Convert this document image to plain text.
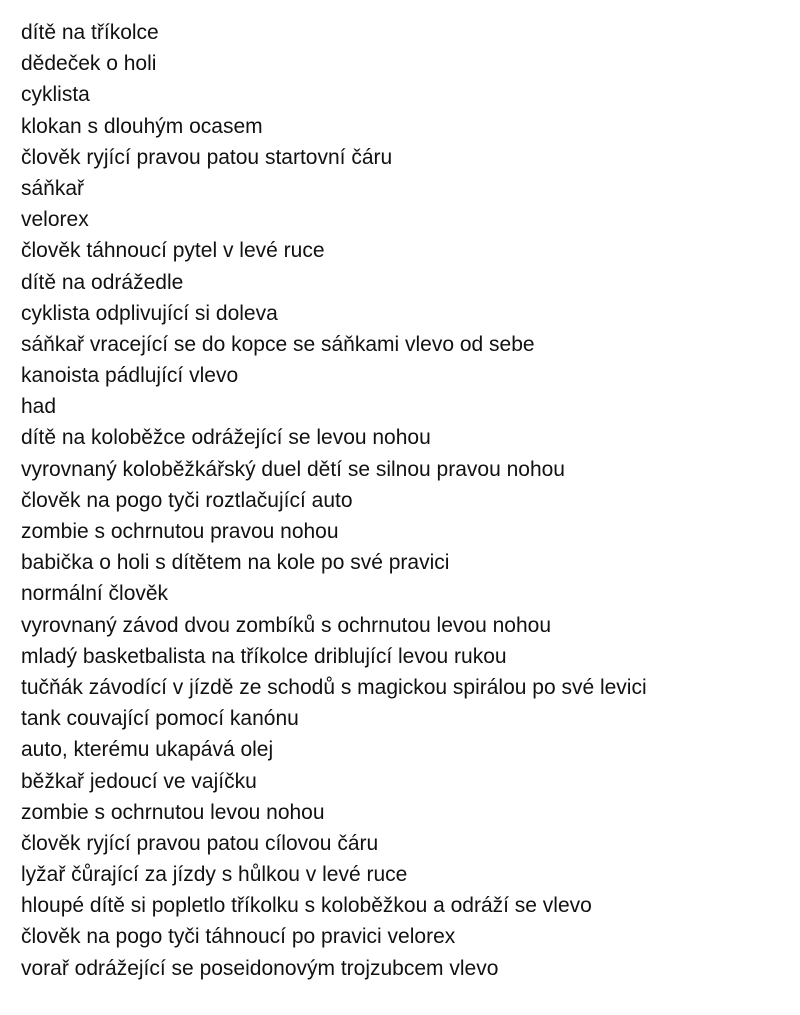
dítě na tříkolce
dědeček o holi
cyklista
klokan s dlouhým ocasem
člověk ryjící pravou patou startovní čáru
sáňkař
velorex
člověk táhnoucí pytel v levé ruce
dítě na odrážedle
cyklista odplivující si doleva
sáňkař vracející se do kopce se sáňkami vlevo od sebe
kanoista pádlující vlevo
had
dítě na koloběžce odrážející se levou nohou
vyrovnaný koloběžkářský duel dětí se silnou pravou nohou
člověk na pogo tyči roztlačující auto
zombie s ochrnutou pravou nohou
babička o holi s dítětem na kole po své pravici
normální člověk
vyrovnaný závod dvou zombíků s ochrnutou levou nohou
mladý basketbalista na tříkolce driblující levou rukou
tučňák závodící v jízdě ze schodů s magickou spirálou po své levici
tank couvající pomocí kanónu
auto, kterému ukapává olej
běžkař jedoucí ve vajíčku
zombie s ochrnutou levou nohou
člověk ryjící pravou patou cílovou čáru
lyžař čůrající za jízdy s hůlkou v levé ruce
hloupé dítě si popletlo tříkolku s koloběžkou a odráží se vlevo
člověk na pogo tyči táhnoucí po pravici velorex
vorař odrážející se poseidonovým trojzubcem vlevo
